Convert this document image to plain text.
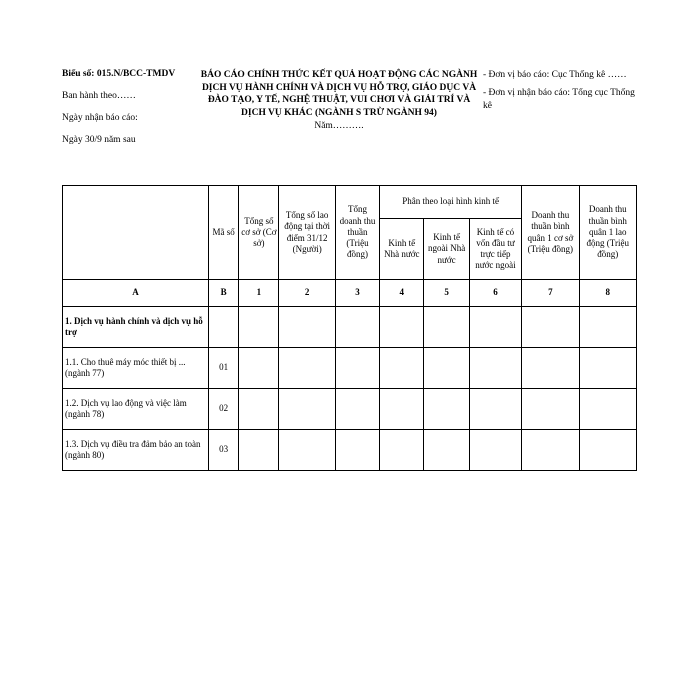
Biểu số: 015.N/BCC-TMDV
Ban hành theo……
Ngày nhận báo cáo:
Ngày 30/9 năm sau
BÁO CÁO CHÍNH THỨC KẾT QUẢ HOẠT ĐỘNG CÁC NGÀNH DỊCH VỤ HÀNH CHÍNH VÀ DỊCH VỤ HỖ TRỢ, GIÁO DỤC VÀ ĐÀO TẠO, Y TẾ, NGHỆ THUẬT, VUI CHƠI VÀ GIẢI TRÍ VÀ DỊCH VỤ KHÁC (NGÀNH S TRỪ NGÀNH 94)
Năm……….
- Đơn vị báo cáo: Cục Thống kê ……
- Đơn vị nhận báo cáo: Tổng cục Thống kê
	Mã số	Tổng số cơ sở (Cơ sở)	Tổng số lao động tại thời điểm 31/12 (Người)	Tổng doanh thu thuần (Triệu đồng)	Phân theo loại hình kinh tế			Doanh thu thuần bình quân 1 cơ sở (Triệu đồng)	Doanh thu thuần bình quân 1 lao động (Triệu đồng)
					Kinh tế Nhà nước	Kinh tế ngoài Nhà nước	Kinh tế có vốn đầu tư trực tiếp nước ngoài		
A	B	1	2	3	4	5	6	7	8
1. Dịch vụ hành chính và dịch vụ hỗ trợ									
1.1. Cho thuê máy móc thiết bị ... (ngành 77)	01								
1.2. Dịch vụ lao động và việc làm (ngành 78)	02								
1.3. Dịch vụ điều tra đảm bảo an toàn (ngành 80)	03								
